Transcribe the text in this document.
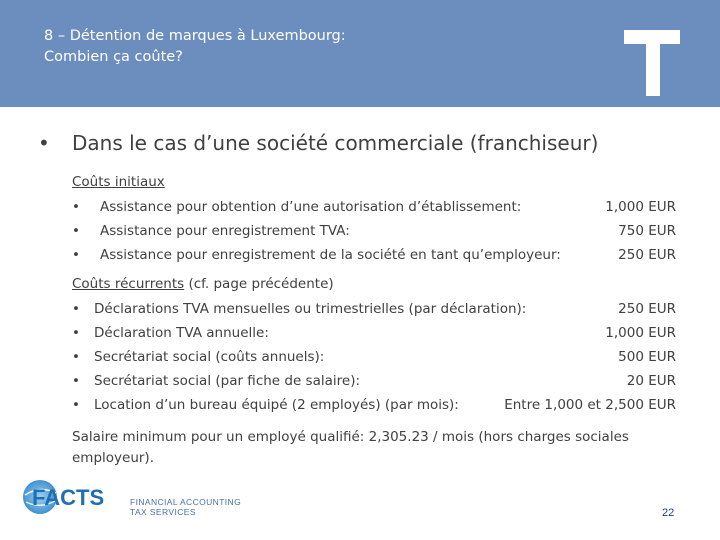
8 – Détention de marques à Luxembourg:
Combien ça coûte?
• Dans le cas d’une société commerciale (franchiseur)
Coûts initiaux
• Assistance pour obtention d’une autorisation d’établissement:	1,000 EUR
• Assistance pour enregistrement TVA:	750 EUR
• Assistance pour enregistrement de la société en tant qu’employeur:	250 EUR
Coûts récurrents (cf. page précédente)
• Déclarations TVA mensuelles ou trimestrielles (par déclaration):	250 EUR
• Déclaration TVA annuelle:	1,000 EUR
• Secrétariat social (coûts annuels):	500 EUR
• Secrétariat social (par fiche de salaire):	20 EUR
• Location d’un bureau équipé (2 employés) (par mois):	Entre 1,000 et 2,500 EUR
Salaire minimum pour un employé qualifié: 2,305.23 / mois (hors charges sociales employeur).
FACTS	FINANCIAL ACCOUNTING
TAX SERVICES	22
